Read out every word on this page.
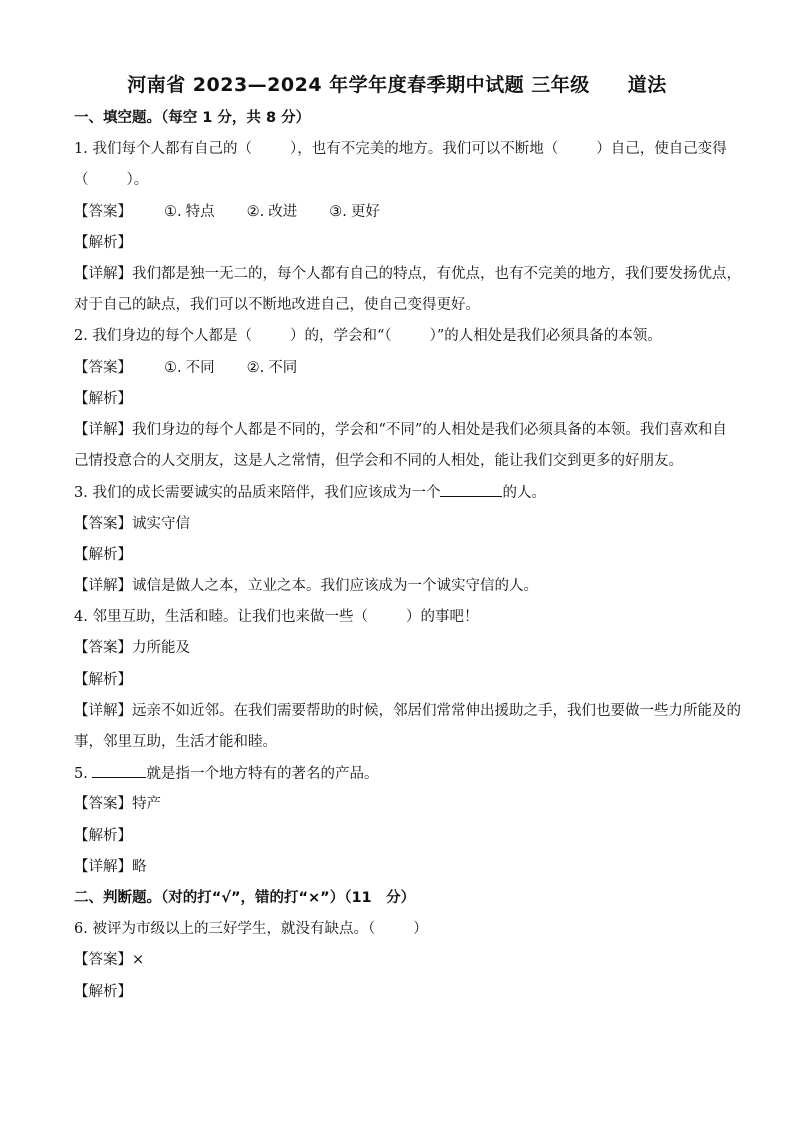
河南省 2023—2024 年学年度春季期中试题 三年级 道法
一、填空题。（每空 1 分，共 8 分）
1. 我们每个人都有自己的（	），也有不完美的地方。我们可以不断地（	）自己，使自己变得
（	）。
【答案】 ①. 特点 ②. 改进 ③. 更好
【解析】
【详解】我们都是独一无二的，每个人都有自己的特点，有优点，也有不完美的地方，我们要发扬优点，
对于自己的缺点，我们可以不断地改进自己，使自己变得更好。
2. 我们身边的每个人都是（	）的，学会和“（	）”的人相处是我们必须具备的本领。
【答案】 ①. 不同 ②. 不同
【解析】
【详解】我们身边的每个人都是不同的，学会和“不同”的人相处是我们必须具备的本领。我们喜欢和自
己情投意合的人交朋友，这是人之常情，但学会和不同的人相处，能让我们交到更多的好朋友。
3. 我们的成长需要诚实的品质来陪伴，我们应该成为一个	的人。
【答案】诚实守信
【解析】
【详解】诚信是做人之本，立业之本。我们应该成为一个诚实守信的人。
4. 邻里互助，生活和睦。让我们也来做一些（	）的事吧！
【答案】力所能及
【解析】
【详解】远亲不如近邻。在我们需要帮助的时候，邻居们常常伸出援助之手，我们也要做一些力所能及的
事，邻里互助，生活才能和睦。
5.	就是指一个地方特有的著名的产品。
【答案】特产
【解析】
【详解】略
二、判断题。（对的打“√”，错的打“×”）（11　分）
6. 被评为市级以上的三好学生，就没有缺点。（	）
【答案】×
【解析】
